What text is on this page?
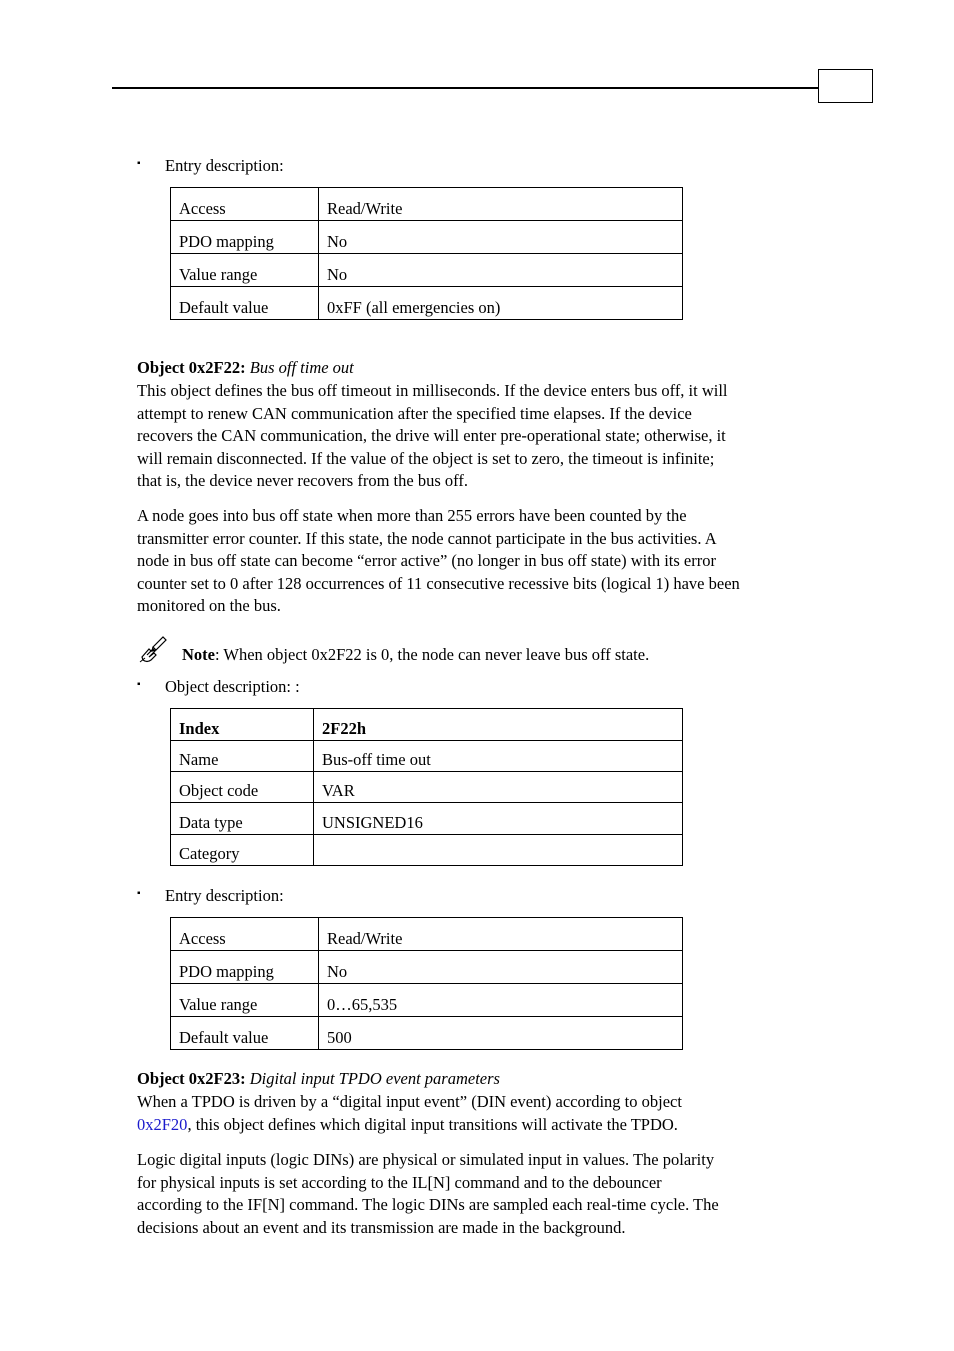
▪ Entry description:
Access	Read/Write
PDO mapping	No
Value range	No
Default value	0xFF (all emergencies on)
Object 0x2F22: Bus off time out
This object defines the bus off timeout in milliseconds. If the device enters bus off, it will
attempt to renew CAN communication after the specified time elapses. If the device
recovers the CAN communication, the drive will enter pre-operational state; otherwise, it
will remain disconnected. If the value of the object is set to zero, the timeout is infinite;
that is, the device never recovers from the bus off.
A node goes into bus off state when more than 255 errors have been counted by the
transmitter error counter. If this state, the node cannot participate in the bus activities. A
node in bus off state can become “error active” (no longer in bus off state) with its error
counter set to 0 after 128 occurrences of 11 consecutive recessive bits (logical 1) have been
monitored on the bus.
Note: When object 0x2F22 is 0, the node can never leave bus off state.
▪ Object description: :
Index	2F22h
Name	Bus-off time out
Object code	VAR
Data type	UNSIGNED16
Category	
▪ Entry description:
Access	Read/Write
PDO mapping	No
Value range	0…65,535
Default value	500
Object 0x2F23: Digital input TPDO event parameters
When a TPDO is driven by a “digital input event” (DIN event) according to object
0x2F20, this object defines which digital input transitions will activate the TPDO.
Logic digital inputs (logic DINs) are physical or simulated input in values. The polarity
for physical inputs is set according to the IL[N] command and to the debouncer
according to the IF[N] command. The logic DINs are sampled each real-time cycle. The
decisions about an event and its transmission are made in the background.
